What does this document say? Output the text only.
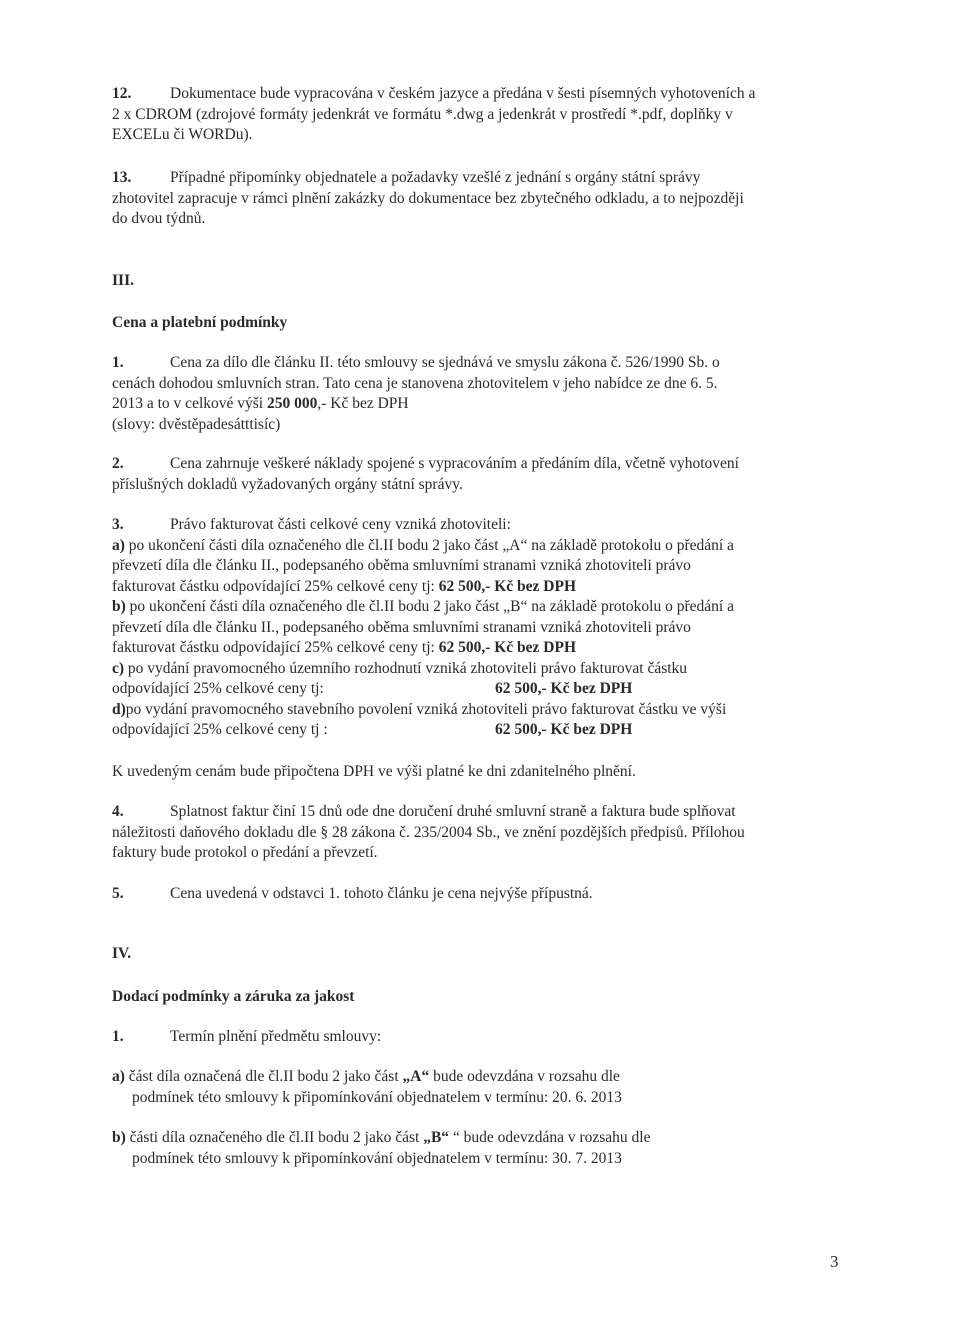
12. Dokumentace bude vypracována v českém jazyce a předána v šesti písemných vyhotoveních a
2 x CDROM (zdrojové formáty jedenkrát ve formátu *.dwg a jedenkrát v prostředí *.pdf, doplňky v
EXCELu či WORDu).
13. Případné připomínky objednatele a požadavky vzešlé z jednání s orgány státní správy
zhotovitel zapracuje v rámci plnění zakázky do dokumentace bez zbytečného odkladu, a to nejpozději
do dvou týdnů.
III.
Cena a platební podmínky
1.	Cena za dílo dle článku II. této smlouvy se sjednává ve smyslu zákona č. 526/1990 Sb. o
cenách dohodou smluvních stran. Tato cena je stanovena zhotovitelem v jeho nabídce ze dne 6. 5.
2013 a to v celkové výši 250 000,- Kč bez DPH
(slovy: dvěstěpadesátttisíc)
2.	Cena zahrnuje veškeré náklady spojené s vypracováním a předáním díla, včetně vyhotovení
příslušných dokladů vyžadovaných orgány státní správy.
3.	Právo fakturovat části celkové ceny vzniká zhotoviteli:
a) po ukončení části díla označeného dle čl.II bodu 2 jako část „A“ na základě protokolu o předání a
převzetí díla dle článku II., podepsaného oběma smluvními stranami vzniká zhotoviteli právo
fakturovat částku odpovídající 25% celkové ceny tj: 62 500,- Kč bez DPH
b) po ukončení části díla označeného dle čl.II bodu 2 jako část „B“ na základě protokolu o předání a
převzetí díla dle článku II., podepsaného oběma smluvními stranami vzniká zhotoviteli právo
fakturovat částku odpovídající 25% celkové ceny tj: 62 500,- Kč bez DPH
c) po vydání pravomocného územního rozhodnutí vzniká zhotoviteli právo fakturovat částku
odpovídající 25% celkové ceny tj:	62 500,- Kč bez DPH
d)po vydání pravomocného stavebního povolení vzniká zhotoviteli právo fakturovat částku ve výši
odpovídající 25% celkové ceny tj :	62 500,- Kč bez DPH
K uvedeným cenám bude připočtena DPH ve výši platné ke dni zdanitelného plnění.
4.	Splatnost faktur činí 15 dnů ode dne doručení druhé smluvní straně a faktura bude splňovat
náležitosti daňového dokladu dle § 28 zákona č. 235/2004 Sb., ve znění pozdějších předpisů. Přílohou
faktury bude protokol o předání a převzetí.
5.	Cena uvedená v odstavci 1. tohoto článku je cena nejvýše přípustná.
IV.
Dodací podmínky a záruka za jakost
1.	Termín plnění předmětu smlouvy:
a) část díla označená dle čl.II bodu 2 jako část „A“ bude odevzdána v rozsahu dle
podmínek této smlouvy k připomínkování objednatelem v termínu: 20. 6. 2013
b) části díla označeného dle čl.II bodu 2 jako část „B“ “ bude odevzdána v rozsahu dle
podmínek této smlouvy k připomínkování objednatelem v termínu: 30. 7. 2013
3
